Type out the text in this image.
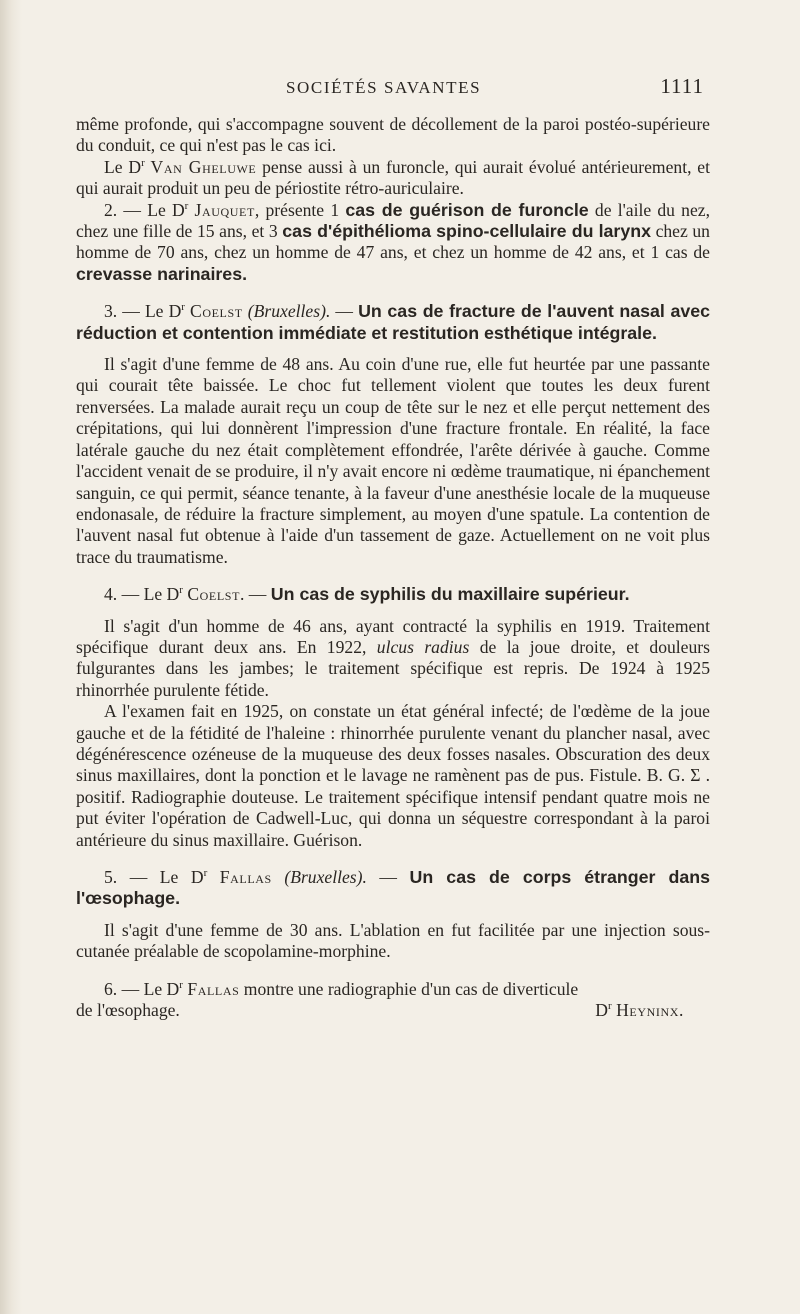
SOCIÉTÉS SAVANTES	1111

même profonde, qui s'accompagne souvent de décollement de la paroi postéo-supérieure du conduit, ce qui n'est pas le cas ici.

Le $D^r$ Van Gheluwe pense aussi à un furoncle, qui aurait évolué antérieurement, et qui aurait produit un peu de périostite rétro-auriculaire.

2. — Le $D^r$ Jauquet, présente 1 cas de guérison de furoncle de l'aile du nez, chez une fille de 15 ans, et 3 cas d'épithélioma spino-cellulaire du larynx chez un homme de 70 ans, chez un homme de 47 ans, et chez un homme de 42 ans, et 1 cas de crevasse narinaires.

3. — Le $D^r$ Coelst (Bruxelles). — Un cas de fracture de l'auvent nasal avec réduction et contention immédiate et restitution esthétique intégrale.

Il s'agit d'une femme de 48 ans. Au coin d'une rue, elle fut heurtée par une passante qui courait tête baissée. Le choc fut tellement violent que toutes les deux furent renversées. La malade aurait reçu un coup de tête sur le nez et elle perçut nettement des crépitations, qui lui donnèrent l'impression d'une fracture frontale. En réalité, la face latérale gauche du nez était complètement effondrée, l'arête dérivée à gauche. Comme l'accident venait de se produire, il n'y avait encore ni œdème traumatique, ni épanchement sanguin, ce qui permit, séance tenante, à la faveur d'une anesthésie locale de la muqueuse endonasale, de réduire la fracture simplement, au moyen d'une spatule. La contention de l'auvent nasal fut obtenue à l'aide d'un tassement de gaze. Actuellement on ne voit plus trace du traumatisme.

4. — Le $D^r$ Coelst. — Un cas de syphilis du maxillaire supérieur.

Il s'agit d'un homme de 46 ans, ayant contracté la syphilis en 1919. Traitement spécifique durant deux ans. En 1922, ulcus radius de la joue droite, et douleurs fulgurantes dans les jambes; le traitement spécifique est repris. De 1924 à 1925 rhinorrhée purulente fétide.

A l'examen fait en 1925, on constate un état général infecté; de l'œdème de la joue gauche et de la fétidité de l'haleine : rhinorrhée purulente venant du plancher nasal, avec dégénérescence ozéneuse de la muqueuse des deux fosses nasales. Obscuration des deux sinus maxillaires, dont la ponction et le lavage ne ramènent pas de pus. Fistule. B. G. Σ . positif. Radiographie douteuse. Le traitement spécifique intensif pendant quatre mois ne put éviter l'opération de Cadwell-Luc, qui donna un séquestre correspondant à la paroi antérieure du sinus maxillaire. Guérison.

5. — Le $D^r$ Fallas (Bruxelles). — Un cas de corps étranger dans l'œsophage.

Il s'agit d'une femme de 30 ans. L'ablation en fut facilitée par une injection sous-cutanée préalable de scopolamine-morphine.

6. — Le $D^r$ Fallas montre une radiographie d'un cas de diverticule

de l'œsophage.	$D^r$ Heyninx.
